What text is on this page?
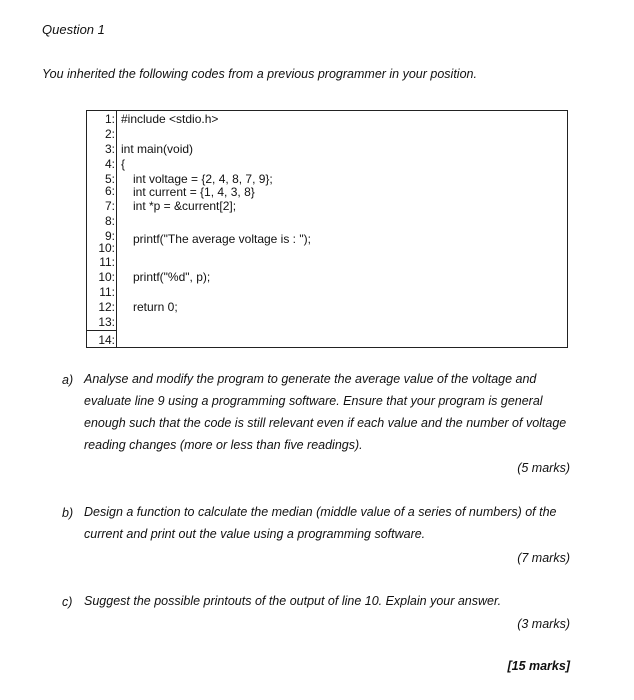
Question 1
You inherited the following codes from a previous programmer in your position.
1:
2:
3:
4:
5:
6:
7:
8:
9:
10:
11:
10:
11:
12:
13:
14:
#include <stdio.h>
int main(void)
{
int voltage = {2, 4, 8, 7, 9};
int current = {1, 4, 3, 8}
int *p = &current[2];
printf("The average voltage is : ");
printf("%d", p);
return 0;
a) Analyse and modify the program to generate the average value of the voltage and evaluate line 9 using a programming software. Ensure that your program is general enough such that the code is still relevant even if each value and the number of voltage reading changes (more or less than five readings).
(5 marks)
b) Design a function to calculate the median (middle value of a series of numbers) of the current and print out the value using a programming software.
(7 marks)
c) Suggest the possible printouts of the output of line 10. Explain your answer.
(3 marks)
[15 marks]
